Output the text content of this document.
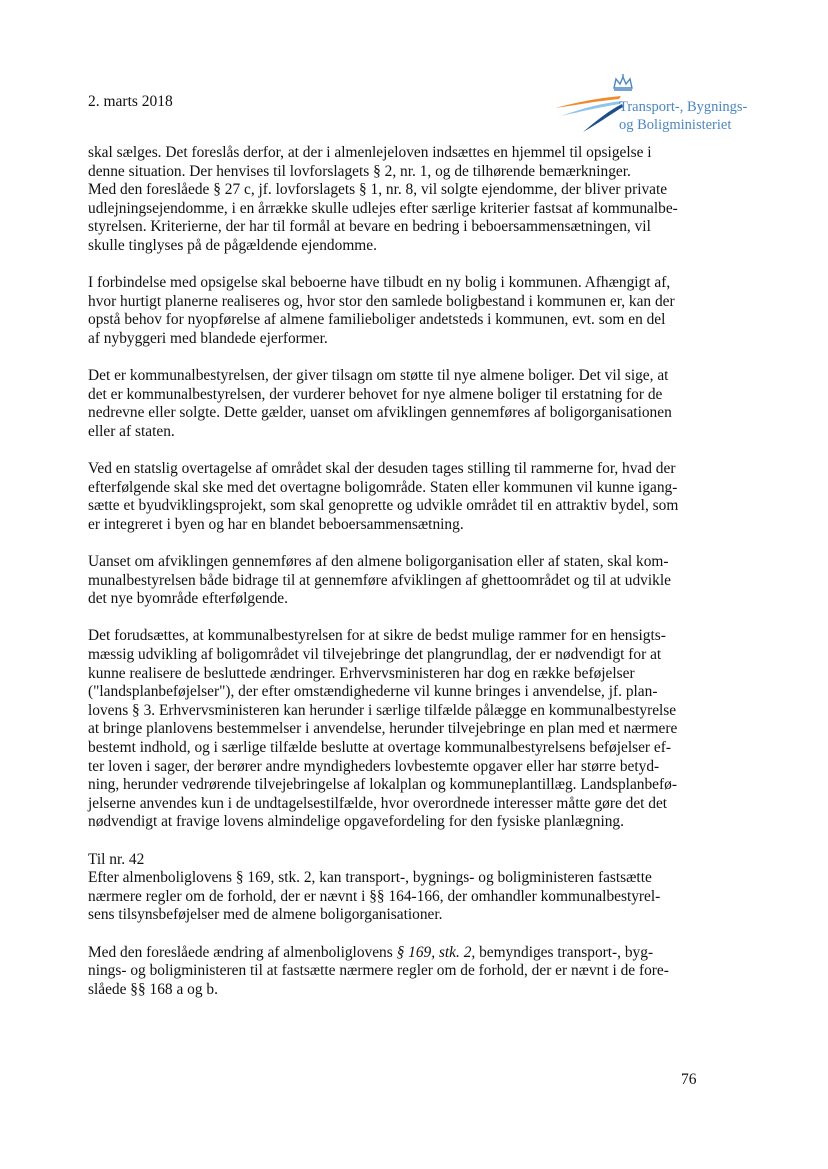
2. marts 2018	Transport-, Bygnings-
og Boligministeriet

skal sælges. Det foreslås derfor, at der i almenlejeloven indsættes en hjemmel til opsigelse i
denne situation. Der henvises til lovforslagets § 2, nr. 1, og de tilhørende bemærkninger.
Med den foreslåede § 27 c, jf. lovforslagets § 1, nr. 8, vil solgte ejendomme, der bliver private
udlejningsejendomme, i en årrække skulle udlejes efter særlige kriterier fastsat af kommunalbe-
styrelsen. Kriterierne, der har til formål at bevare en bedring i beboersammensætningen, vil
skulle tinglyses på de pågældende ejendomme.

I forbindelse med opsigelse skal beboerne have tilbudt en ny bolig i kommunen. Afhængigt af,
hvor hurtigt planerne realiseres og, hvor stor den samlede boligbestand i kommunen er, kan der
opstå behov for nyopførelse af almene familieboliger andetsteds i kommunen, evt. som en del
af nybyggeri med blandede ejerformer.

Det er kommunalbestyrelsen, der giver tilsagn om støtte til nye almene boliger. Det vil sige, at
det er kommunalbestyrelsen, der vurderer behovet for nye almene boliger til erstatning for de
nedrevne eller solgte. Dette gælder, uanset om afviklingen gennemføres af boligorganisationen
eller af staten.

Ved en statslig overtagelse af området skal der desuden tages stilling til rammerne for, hvad der
efterfølgende skal ske med det overtagne boligområde. Staten eller kommunen vil kunne igang-
sætte et byudviklingsprojekt, som skal genoprette og udvikle området til en attraktiv bydel, som
er integreret i byen og har en blandet beboersammensætning.

Uanset om afviklingen gennemføres af den almene boligorganisation eller af staten, skal kom-
munalbestyrelsen både bidrage til at gennemføre afviklingen af ghettoområdet og til at udvikle
det nye byområde efterfølgende.

Det forudsættes, at kommunalbestyrelsen for at sikre de bedst mulige rammer for en hensigts-
mæssig udvikling af boligområdet vil tilvejebringe det plangrundlag, der er nødvendigt for at
kunne realisere de besluttede ændringer. Erhvervsministeren har dog en række beføjelser
("landsplanbeføjelser"), der efter omstændighederne vil kunne bringes i anvendelse, jf. plan-
lovens § 3. Erhvervsministeren kan herunder i særlige tilfælde pålægge en kommunalbestyrelse
at bringe planlovens bestemmelser i anvendelse, herunder tilvejebringe en plan med et nærmere
bestemt indhold, og i særlige tilfælde beslutte at overtage kommunalbestyrelsens beføjelser ef-
ter loven i sager, der berører andre myndigheders lovbestemte opgaver eller har større betyd-
ning, herunder vedrørende tilvejebringelse af lokalplan og kommuneplantillæg. Landsplanbefø-
jelserne anvendes kun i de undtagelsestilfælde, hvor overordnede interesser måtte gøre det det
nødvendigt at fravige lovens almindelige opgavefordeling for den fysiske planlægning.

Til nr. 42

Efter almenboliglovens § 169, stk. 2, kan transport-, bygnings- og boligministeren fastsætte
nærmere regler om de forhold, der er nævnt i §§ 164-166, der omhandler kommunalbestyrel-
sens tilsynsbeføjelser med de almene boligorganisationer.

Med den foreslåede ændring af almenboliglovens § 169, stk. 2, bemyndiges transport-, byg-
nings- og boligministeren til at fastsætte nærmere regler om de forhold, der er nævnt i de fore-
slåede §§ 168 a og b.

76
